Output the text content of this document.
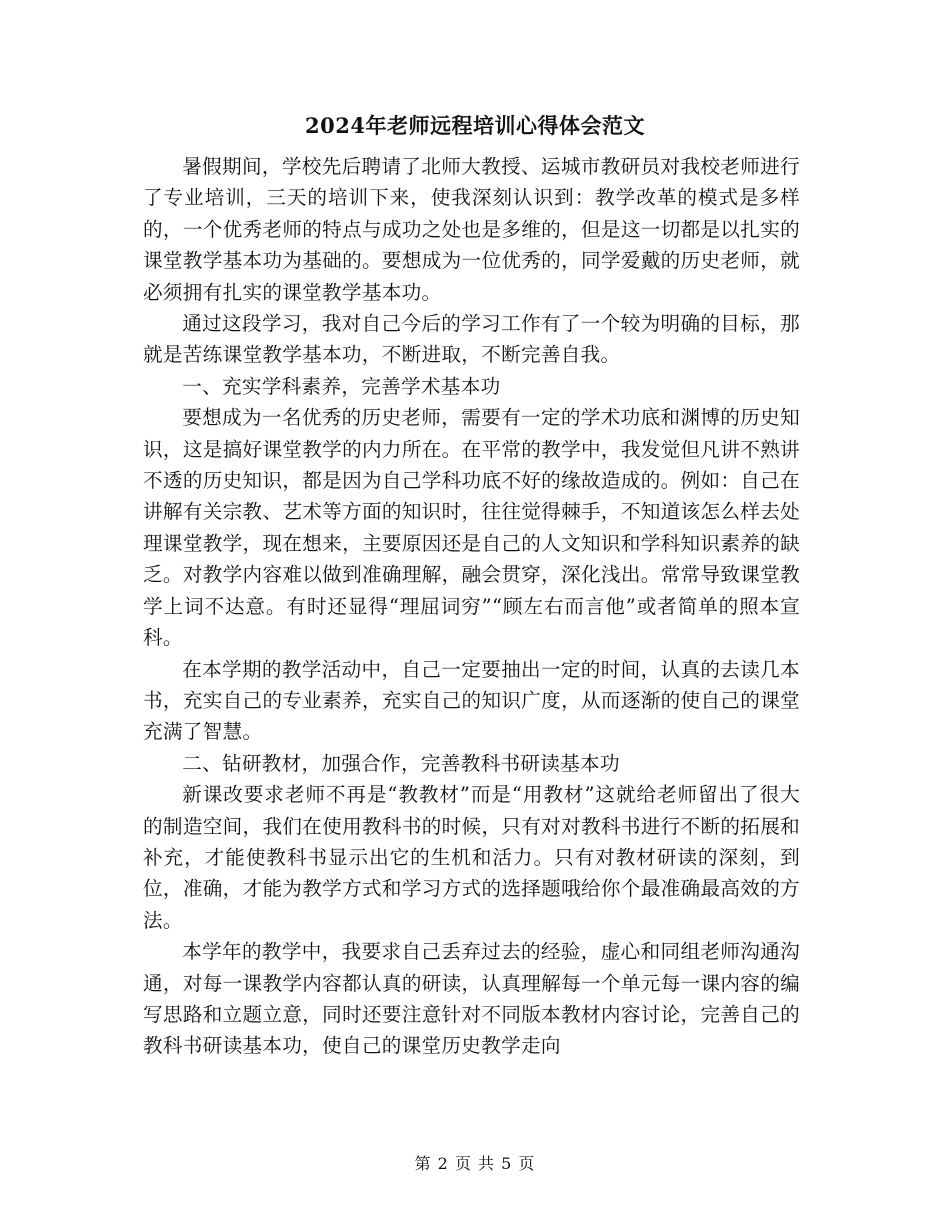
2024年老师远程培训心得体会范文

暑假期间，学校先后聘请了北师大教授、运城市教研员对我校老师进行了专业培训，三天的培训下来，使我深刻认识到：教学改革的模式是多样的，一个优秀老师的特点与成功之处也是多维的，但是这一切都是以扎实的课堂教学基本功为基础的。要想成为一位优秀的，同学爱戴的历史老师，就必须拥有扎实的课堂教学基本功。

通过这段学习，我对自己今后的学习工作有了一个较为明确的目标，那就是苦练课堂教学基本功，不断进取，不断完善自我。

一、充实学科素养，完善学术基本功

要想成为一名优秀的历史老师，需要有一定的学术功底和渊博的历史知识，这是搞好课堂教学的内力所在。在平常的教学中，我发觉但凡讲不熟讲不透的历史知识，都是因为自己学科功底不好的缘故造成的。例如：自己在讲解有关宗教、艺术等方面的知识时，往往觉得棘手，不知道该怎么样去处理课堂教学，现在想来，主要原因还是自己的人文知识和学科知识素养的缺乏。对教学内容难以做到准确理解，融会贯穿，深化浅出。常常导致课堂教学上词不达意。有时还显得“理屈词穷”“顾左右而言他”或者简单的照本宣科。

在本学期的教学活动中，自己一定要抽出一定的时间，认真的去读几本书，充实自己的专业素养，充实自己的知识广度，从而逐渐的使自己的课堂充满了智慧。

二、钻研教材，加强合作，完善教科书研读基本功

新课改要求老师不再是“教教材”而是“用教材”这就给老师留出了很大的制造空间，我们在使用教科书的时候，只有对对教科书进行不断的拓展和补充，才能使教科书显示出它的生机和活力。只有对教材研读的深刻，到位，准确，才能为教学方式和学习方式的选择题哦给你个最准确最高效的方法。

本学年的教学中，我要求自己丢弃过去的经验，虚心和同组老师沟通沟通，对每一课教学内容都认真的研读，认真理解每一个单元每一课内容的编写思路和立题立意，同时还要注意针对不同版本教材内容讨论，完善自己的教科书研读基本功，使自己的课堂历史教学走向

第 2 页 共 5 页
